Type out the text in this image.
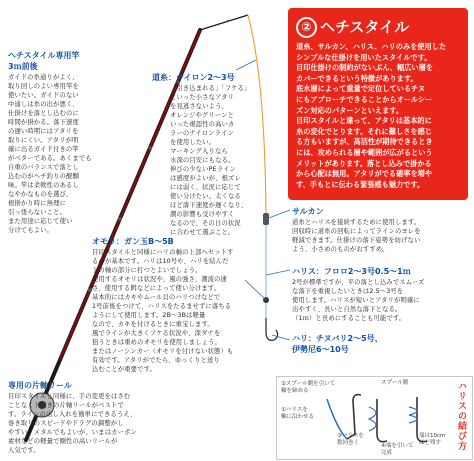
ヘチスタイル専用竿
3ｍ前後
ガイドの糸通りがよく、
取り回しのよい専用竿を
使いたい。ガイドのない
中通しは糸の出が悪く、
仕掛けを落とし込むのに
時間が掛かる。落下速度
の遅い時期にはアタリを
取りにくい。アタリが明
確に出るガイド付きの竿
がベターである。あくまでも
自重のバランスで落とし
込むのがヘチ釣りの醍醐
味。竿は柔軟性のあるし
なやかなものを選び、
根掛かり時に無理に
引っ張らないこと。
また用途に応じて使い
分けてもよい。
道糸：ナイロン2〜3号
「引き込まれる」「フケる」
といった小さなアタリ
を見逃さないよう、
オレンジやグリーンと
いった視認性の高いカ
ラーのナイロンライン
を使用したい。
マーキング入りなら
水深の目安にもなる。
伸びの少ないPEライン
は感度がよいが、根ズレ
には弱く、状況に応じて
使い分けたい。太くなる
ほど落下速度が遅くなり、
潮の影響も受けやすく
なるので、その日の状況
に合わせて選ぶこと。
② ヘチスタイル
道糸、サルカン、ハリス、ハリのみを使用した
シンプルな仕掛けを用いたスタイルです。
目印仕掛けの制約がないぶん、幅広い層を
カバーできるという特徴があります。
底水層によって重量で定位しているチヌ
にもアプローチできることからオールシー
ズン対応のパターンといえます。
目印スタイルと違って、アタリは基本的に
糸の変化でとります。それに難しさを感じ
る方もいますが、高活性が期待できるとき
には、攻められる層や範囲が広がるという
メリットがあります。落とし込みで掛かる
から心配は無用。アタリがでる確率を増や
す、手もとに伝わる緊張感も魅力です。
サルカン
道糸とハリスを接続するために使用します。
回収時に道糸の回転によってラインのヨレを
軽減できます。仕掛けの落下姿勢を妨げない
よう、小さめのものがおすすめ。
ハリス：フロロ2〜3号0.5〜1ｍ
2号が標準ですが、平の落とし込みでスムーズ
な落下を重視したいときは2.5〜3号を
使用します。ハリスが短いとアタリが明確に
出やすく、長いと自然な落下となる。
（1ｍ）と長めにすることも可能です。
ハリ：チヌバリ2〜5号、
伊勢尼6〜10号
オモリ：ガン玉B〜5B
目印スタイルと同様にハリの軸の上部へセットす
るのが基本です。ハリは10号や、ハリを結んだ
上の軸の部分に打つとよいでしょう。
使用するオモリは状況や、風の強さ、潮流の速
さ、使用する餌などによって使い分けます。
基本的にはカキやムール貝のハリつけなどで
1号前後をつけて、ハリスをたるませずに落ちる
ようにして使用します。2B〜3Bは軽量
なので、カキを付けるときに重宝します。
風でラインが大きくフケる状況や、深ダナを
狙うときは重めのオモリを使用しましょう。
またはノーシンカー（オモリを付けない状態）も
有効です。アタリがでたら、ゆっくりと送り
込むことが重要です。
専用の片軸リール
目印スタイルと同様に、手の変更をはさむ
ことなく下向きの片軸リールがベストで
す。ラインの出し入れを簡単にできるうえ、
巻き取りのスピードやドラグの調整がし
やすい。メタルでもよいが、いまはカーボン
素材などの軽量で剛性の高いリールが
人気です。
②スプール側を引いて
輪を締める
①ハリスを
軸に沿わせる
スプール側
③ハリスを
数回巻く
端は10cm
ほど残す
④端を引いて
完成
ハリスの結び方
